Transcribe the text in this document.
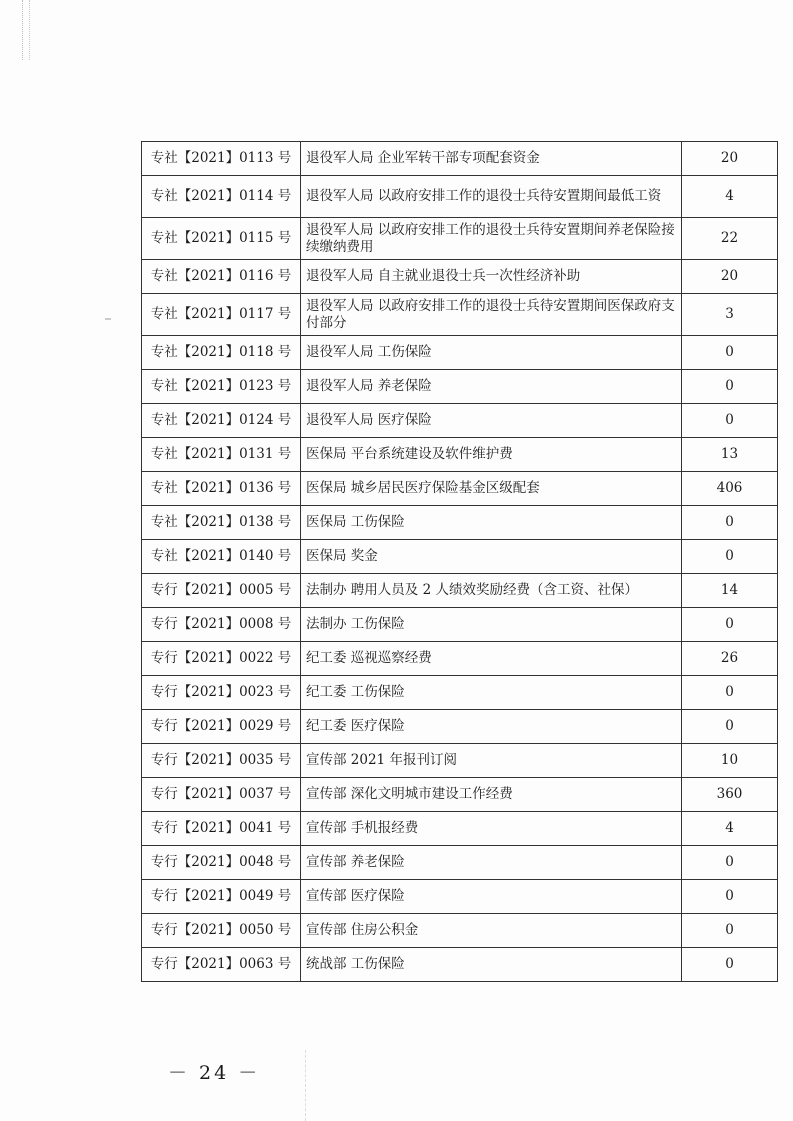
专社【2021】0113 号	退役军人局 企业军转干部专项配套资金	20
专社【2021】0114 号	退役军人局 以政府安排工作的退役士兵待安置期间最低工资	4
专社【2021】0115 号	退役军人局 以政府安排工作的退役士兵待安置期间养老保险接续缴纳费用	22
专社【2021】0116 号	退役军人局 自主就业退役士兵一次性经济补助	20
专社【2021】0117 号	退役军人局 以政府安排工作的退役士兵待安置期间医保政府支付部分	3
专社【2021】0118 号	退役军人局 工伤保险	0
专社【2021】0123 号	退役军人局 养老保险	0
专社【2021】0124 号	退役军人局 医疗保险	0
专社【2021】0131 号	医保局 平台系统建设及软件维护费	13
专社【2021】0136 号	医保局 城乡居民医疗保险基金区级配套	406
专社【2021】0138 号	医保局 工伤保险	0
专社【2021】0140 号	医保局 奖金	0
专行【2021】0005 号	法制办 聘用人员及 2 人绩效奖励经费（含工资、社保）	14
专行【2021】0008 号	法制办 工伤保险	0
专行【2021】0022 号	纪工委 巡视巡察经费	26
专行【2021】0023 号	纪工委 工伤保险	0
专行【2021】0029 号	纪工委 医疗保险	0
专行【2021】0035 号	宣传部 2021 年报刊订阅	10
专行【2021】0037 号	宣传部 深化文明城市建设工作经费	360
专行【2021】0041 号	宣传部 手机报经费	4
专行【2021】0048 号	宣传部 养老保险	0
专行【2021】0049 号	宣传部 医疗保险	0
专行【2021】0050 号	宣传部 住房公积金	0
专行【2021】0063 号	统战部 工伤保险	0
－ 24 －
